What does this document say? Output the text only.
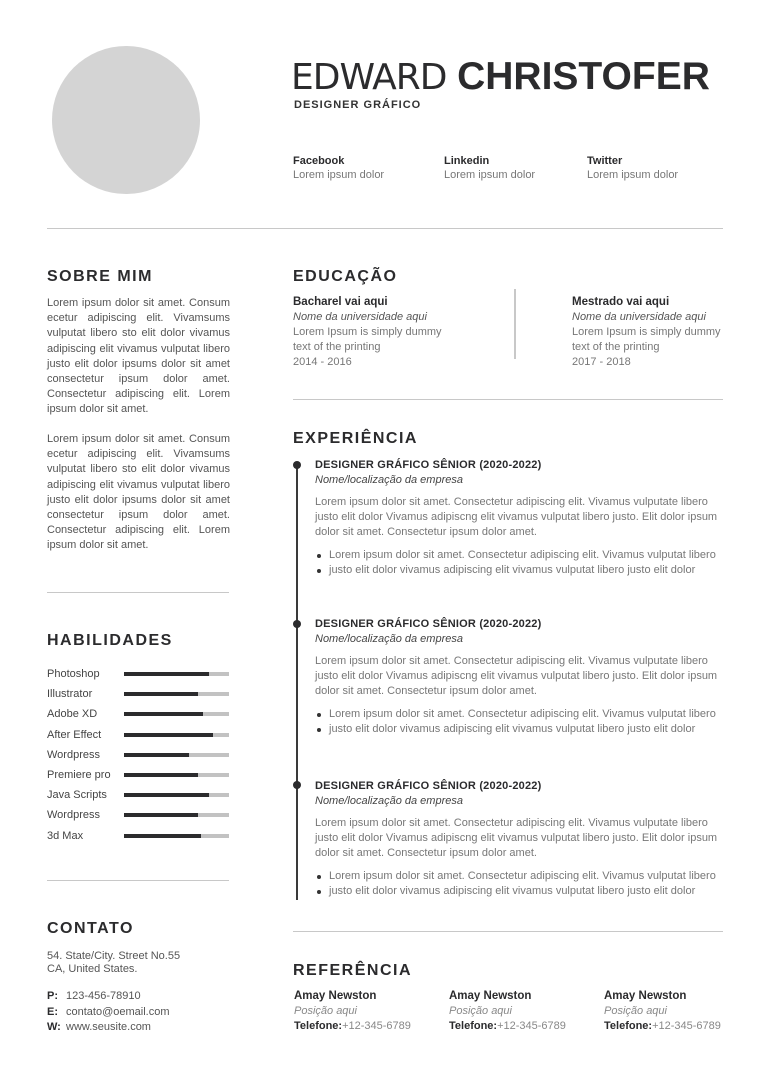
EDWARD CHRISTOFER
DESIGNER GRÁFICO
Facebook
Lorem ipsum dolor
Linkedin
Lorem ipsum dolor
Twitter
Lorem ipsum dolor
SOBRE MIM
Lorem ipsum dolor sit amet. Consum ecetur adipiscing elit. Vivamsums vulputat libero sto elit dolor vivamus adipiscing elit vivamus vulputat libero justo elit dolor ipsums dolor sit amet consectetur ipsum dolor amet. Consectetur adipiscing elit. Lorem ipsum dolor sit amet.
Lorem ipsum dolor sit amet. Consum ecetur adipiscing elit. Vivamsums vulputat libero sto elit dolor vivamus adipiscing elit vivamus vulputat libero justo elit dolor ipsums dolor sit amet consectetur ipsum dolor amet. Consectetur adipiscing elit. Lorem ipsum dolor sit amet.
HABILIDADES
Photoshop
Illustrator
Adobe XD
After Effect
Wordpress
Premiere pro
Java Scripts
Wordpress
3d Max
CONTATO
54. State/City. Street No.55
CA, United States.
P: 123-456-78910
E: contato@oemail.com
W: www.seusite.com
EDUCAÇÃO
Bacharel vai aqui
Nome da universidade aqui
Lorem Ipsum is simply dummy
text of the printing
2014 - 2016
Mestrado vai aqui
Nome da universidade aqui
Lorem Ipsum is simply dummy
text of the printing
2017 - 2018
EXPERIÊNCIA
DESIGNER GRÁFICO SÊNIOR (2020-2022)
Nome/localização da empresa
Lorem ipsum dolor sit amet. Consectetur adipiscing elit. Vivamus vulputate libero justo elit dolor Vivamus adipiscng elit vivamus vulputat libero justo. Elit dolor ipsum dolor sit amet. Consectetur ipsum dolor amet.
Lorem ipsum dolor sit amet. Consectetur adipiscing elit. Vivamus vulputat libero
justo elit dolor vivamus adipiscing elit vivamus vulputat libero justo elit dolor
DESIGNER GRÁFICO SÊNIOR (2020-2022)
Nome/localização da empresa
Lorem ipsum dolor sit amet. Consectetur adipiscing elit. Vivamus vulputate libero justo elit dolor Vivamus adipiscng elit vivamus vulputat libero justo. Elit dolor ipsum dolor sit amet. Consectetur ipsum dolor amet.
Lorem ipsum dolor sit amet. Consectetur adipiscing elit. Vivamus vulputat libero
justo elit dolor vivamus adipiscing elit vivamus vulputat libero justo elit dolor
DESIGNER GRÁFICO SÊNIOR (2020-2022)
Nome/localização da empresa
Lorem ipsum dolor sit amet. Consectetur adipiscing elit. Vivamus vulputate libero justo elit dolor Vivamus adipiscng elit vivamus vulputat libero justo. Elit dolor ipsum dolor sit amet. Consectetur ipsum dolor amet.
Lorem ipsum dolor sit amet. Consectetur adipiscing elit. Vivamus vulputat libero
justo elit dolor vivamus adipiscing elit vivamus vulputat libero justo elit dolor
REFERÊNCIA
Amay Newston
Posição aqui
Telefone:+12-345-6789
Amay Newston
Posição aqui
Telefone:+12-345-6789
Amay Newston
Posição aqui
Telefone:+12-345-6789
